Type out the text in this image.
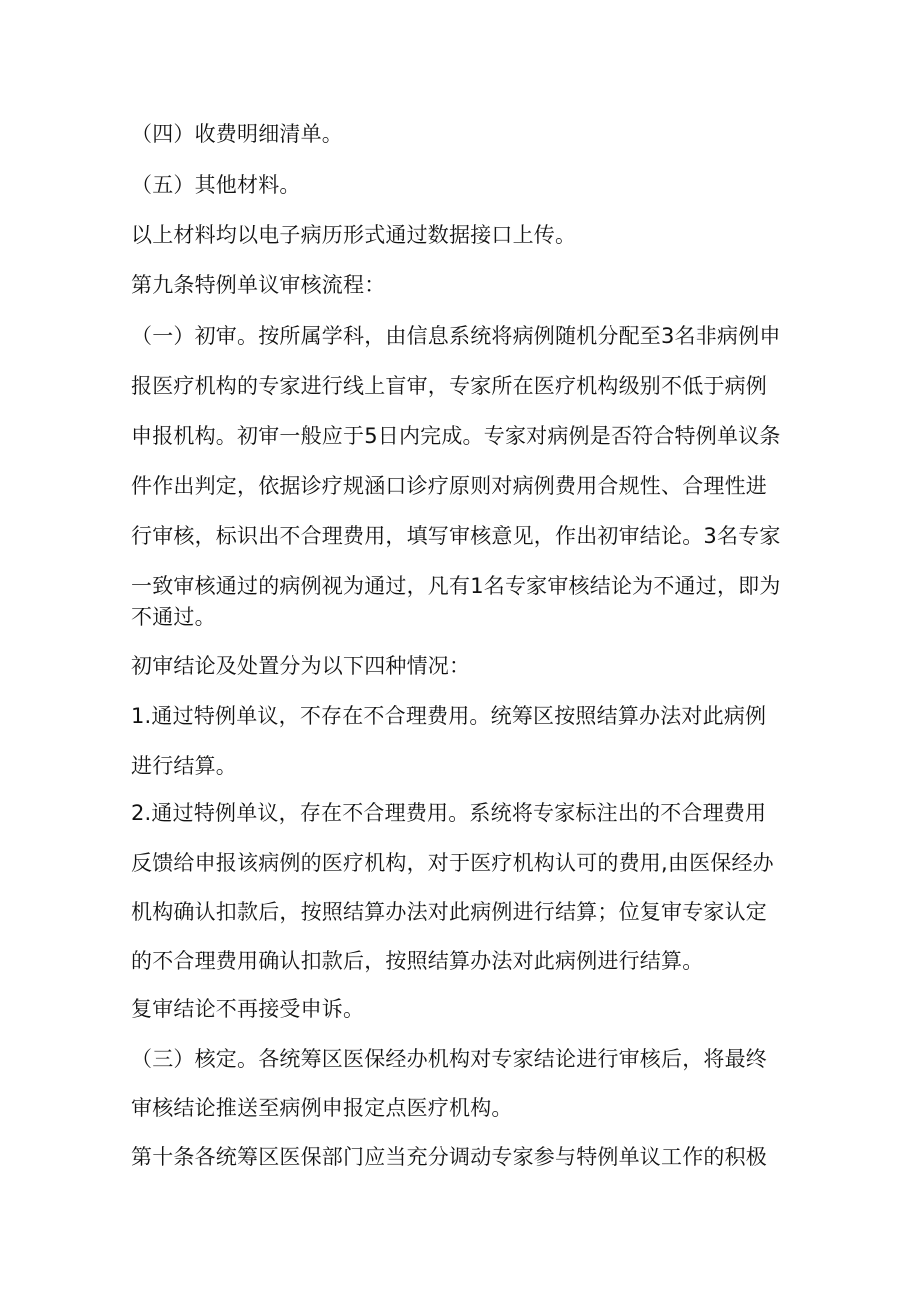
（四）收费明细清单。
（五）其他材料。
以上材料均以电子病历形式通过数据接口上传。
第九条特例单议审核流程：
（一）初审。按所属学科，由信息系统将病例随机分配至3名非病例申
报医疗机构的专家进行线上盲审，专家所在医疗机构级别不低于病例
申报机构。初审一般应于5日内完成。专家对病例是否符合特例单议条
件作出判定，依据诊疗规涵口诊疗原则对病例费用合规性、合理性进
行审核，标识出不合理费用，填写审核意见，作出初审结论。3名专家
一致审核通过的病例视为通过，凡有1名专家审核结论为不通过，即为
不通过。
初审结论及处置分为以下四种情况：
1.通过特例单议，不存在不合理费用。统筹区按照结算办法对此病例
进行结算。
2.通过特例单议，存在不合理费用。系统将专家标注出的不合理费用
反馈给申报该病例的医疗机构，对于医疗机构认可的费用,由医保经办
机构确认扣款后，按照结算办法对此病例进行结算；位复审专家认定
的不合理费用确认扣款后，按照结算办法对此病例进行结算。
复审结论不再接受申诉。
（三）核定。各统筹区医保经办机构对专家结论进行审核后，将最终
审核结论推送至病例申报定点医疗机构。
第十条各统筹区医保部门应当充分调动专家参与特例单议工作的积极
